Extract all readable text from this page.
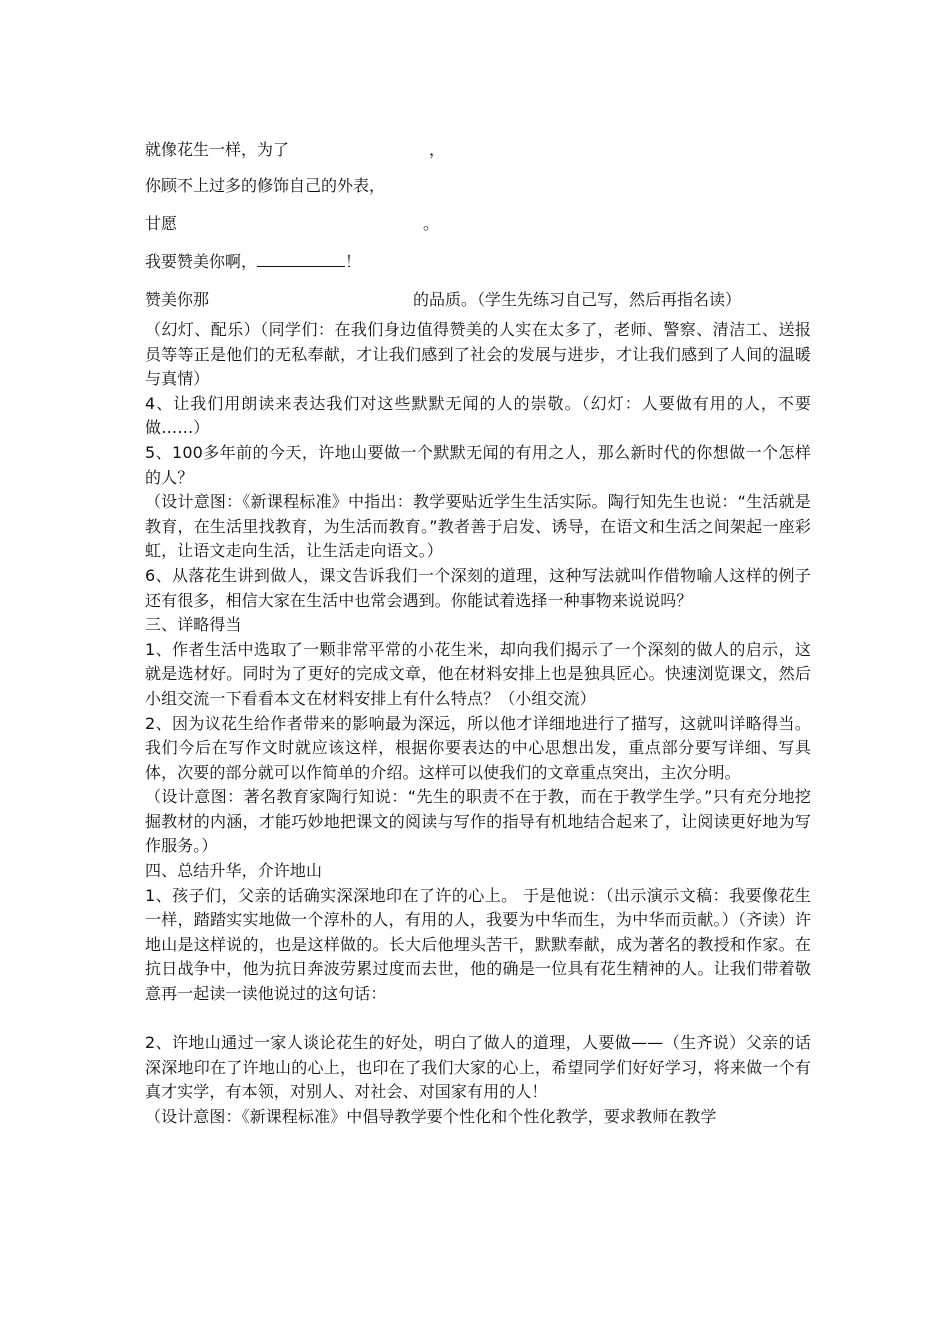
就像花生一样，为了	，
你顾不上过多的修饰自己的外表，
甘愿	。
我要赞美你啊，	！
赞美你那	的品质。（学生先练习自己写，然后再指名读）

（幻灯、配乐）（同学们：在我们身边值得赞美的人实在太多了，老师、警察、清洁工、送报员等等正是他们的无私奉献，才让我们感到了社会的发展与进步，才让我们感到了人间的温暖与真情）

4、让我们用朗读来表达我们对这些默默无闻的人的崇敬。（幻灯：人要做有用的人，不要做……）

5、100多年前的今天，许地山要做一个默默无闻的有用之人，那么新时代的你想做一个怎样的人？

（设计意图：《新课程标准》中指出：教学要贴近学生生活实际。陶行知先生也说：“生活就是教育，在生活里找教育，为生活而教育。”教者善于启发、诱导，在语文和生活之间架起一座彩虹，让语文走向生活，让生活走向语文。）

6、从落花生讲到做人，课文告诉我们一个深刻的道理，这种写法就叫作借物喻人这样的例子还有很多，相信大家在生活中也常会遇到。你能试着选择一种事物来说说吗？

三、详略得当

1、作者生活中选取了一颗非常平常的小花生米，却向我们揭示了一个深刻的做人的启示，这就是选材好。同时为了更好的完成文章，他在材料安排上也是独具匠心。快速浏览课文，然后小组交流一下看看本文在材料安排上有什么特点？（小组交流）

2、因为议花生给作者带来的影响最为深远，所以他才详细地进行了描写，这就叫详略得当。我们今后在写作文时就应该这样，根据你要表达的中心思想出发，重点部分要写详细、写具体，次要的部分就可以作简单的介绍。这样可以使我们的文章重点突出，主次分明。

（设计意图：著名教育家陶行知说：“先生的职责不在于教，而在于教学生学。”只有充分地挖掘教材的内涵，才能巧妙地把课文的阅读与写作的指导有机地结合起来了，让阅读更好地为写作服务。）

四、总结升华，介许地山

1、孩子们，父亲的话确实深深地印在了许的心上。 于是他说：（出示演示文稿：我要像花生一样，踏踏实实地做一个淳朴的人，有用的人，我要为中华而生，为中华而贡献。）（齐读）许地山是这样说的，也是这样做的。长大后他埋头苦干，默默奉献，成为著名的教授和作家。在抗日战争中，他为抗日奔波劳累过度而去世，他的确是一位具有花生精神的人。让我们带着敬意再一起读一读他说过的这句话：

2、许地山通过一家人谈论花生的好处，明白了做人的道理，人要做——（生齐说）父亲的话深深地印在了许地山的心上，也印在了我们大家的心上，希望同学们好好学习，将来做一个有真才实学，有本领，对别人、对社会、对国家有用的人！

（设计意图：《新课程标准》中倡导教学要个性化和个性化教学，要求教师在教学
